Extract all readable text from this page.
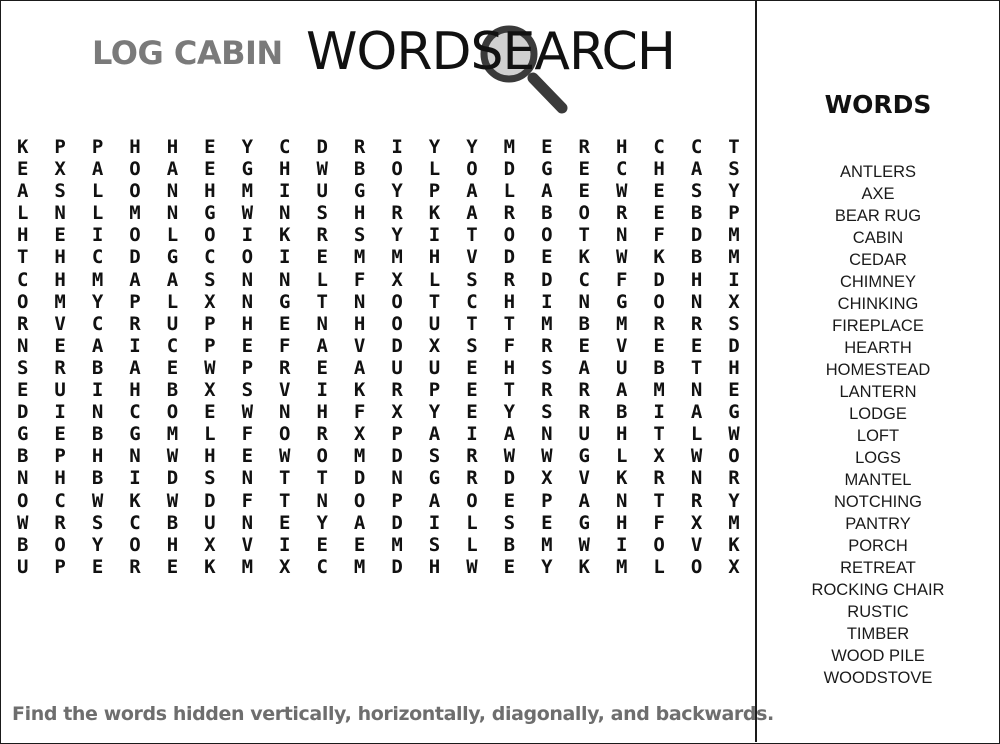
LOG CABIN WORDSEARCH
K	P	P	H	H	E	Y	C	D	R	I	Y	Y	M	E	R	H	C	C	T
E	X	A	O	A	E	G	H	W	B	O	L	O	D	G	E	C	H	A	S
A	S	L	O	N	H	M	I	U	G	Y	P	A	L	A	E	W	E	S	Y
L	N	L	M	N	G	W	N	S	H	R	K	A	R	B	O	R	E	B	P
H	E	I	O	L	O	I	K	R	S	Y	I	T	O	O	T	N	F	D	M
T	H	C	D	G	C	O	I	E	M	M	H	V	D	E	K	W	K	B	M
C	H	M	A	A	S	N	N	L	F	X	L	S	R	D	C	F	D	H	I
O	M	Y	P	L	X	N	G	T	N	O	T	C	H	I	N	G	O	N	X
R	V	C	R	U	P	H	E	N	H	O	U	T	T	M	B	M	R	R	S
N	E	A	I	C	P	E	F	A	V	D	X	S	F	R	E	V	E	E	D
S	R	B	A	E	W	P	R	E	A	U	U	E	H	S	A	U	B	T	H
E	U	I	H	B	X	S	V	I	K	R	P	E	T	R	R	A	M	N	E
D	I	N	C	O	E	W	N	H	F	X	Y	E	Y	S	R	B	I	A	G
G	E	B	G	M	L	F	O	R	X	P	A	I	A	N	U	H	T	L	W
B	P	H	N	W	H	E	W	O	M	D	S	R	W	W	G	L	X	W	O
N	H	B	I	D	S	N	T	T	D	N	G	R	D	X	V	K	R	N	R
O	C	W	K	W	D	F	T	N	O	P	A	O	E	P	A	N	T	R	Y
W	R	S	C	B	U	N	E	Y	A	D	I	L	S	E	G	H	F	X	M
B	O	Y	O	H	X	V	I	E	E	M	S	L	B	M	W	I	O	V	K
U	P	E	R	E	K	M	X	C	M	D	H	W	E	Y	K	M	L	O	X
Find the words hidden vertically, horizontally, diagonally, and backwards.
WORDS
ANTLERS
AXE
BEAR RUG
CABIN
CEDAR
CHIMNEY
CHINKING
FIREPLACE
HEARTH
HOMESTEAD
LANTERN
LODGE
LOFT
LOGS
MANTEL
NOTCHING
PANTRY
PORCH
RETREAT
ROCKING CHAIR
RUSTIC
TIMBER
WOOD PILE
WOODSTOVE
